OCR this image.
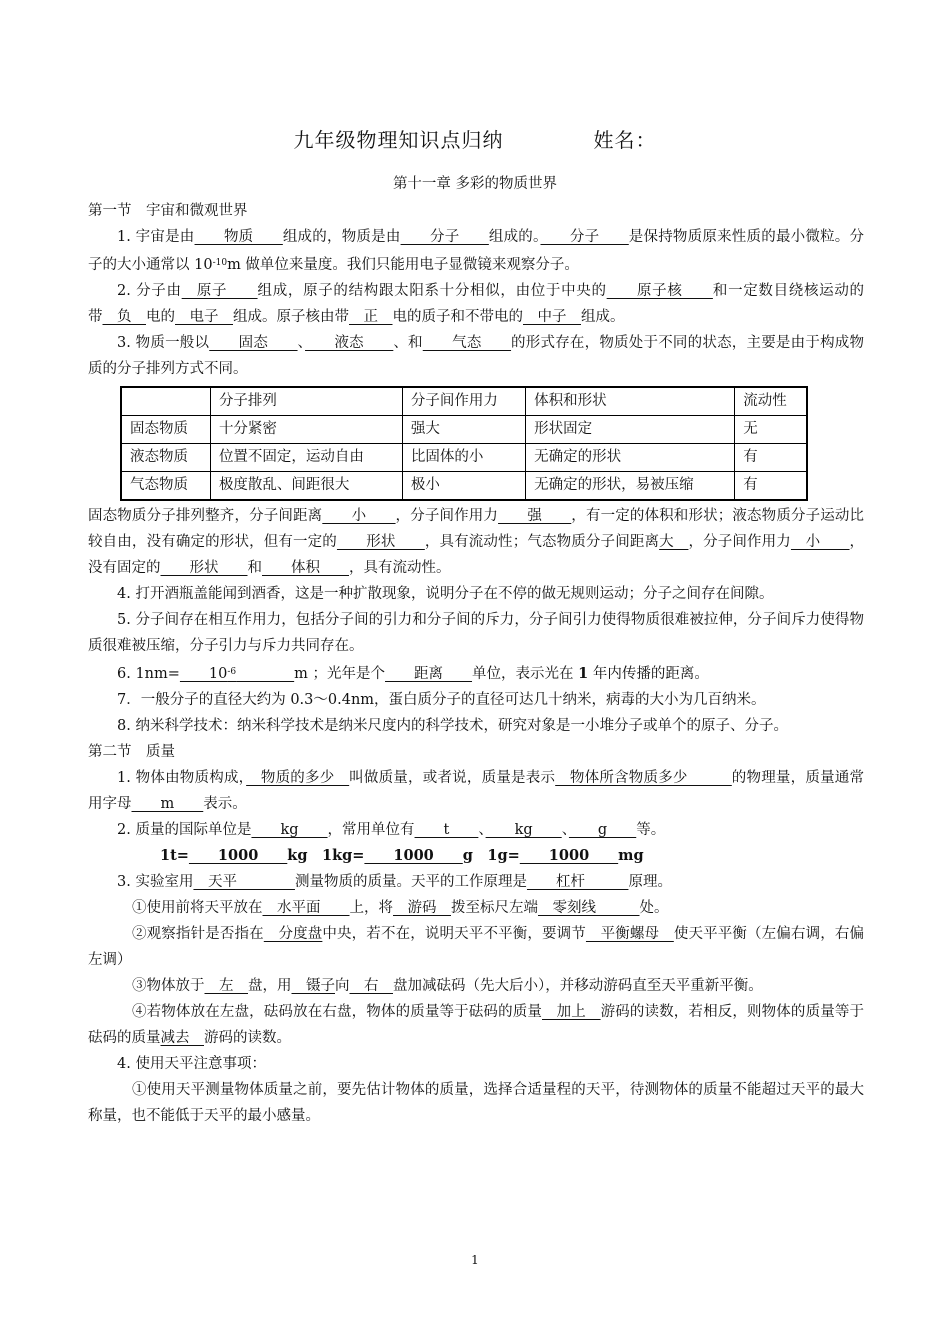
九年级物理知识点归纳	姓名：
第十一章 多彩的物质世界

第一节　宇宙和微观世界

1. 宇宙是由　　物质　　组成的，物质是由　　分子　　组成的。　　分子　　是保持物质原来性质的最小微粒。分子的大小通常以 $10^{-10}m$ 做单位来量度。我们只能用电子显微镜来观察分子。

2. 分子由　原子　　组成，原子的结构跟太阳系十分相似，由位于中央的　　原子核　　和一定数目绕核运动的带　负　电的　电子　组成。原子核由带　正　电的质子和不带电的　中子　组成。

3. 物质一般以　　固态　　、　　液态　　、和　　气态　　的形式存在，物质处于不同的状态，主要是由于构成物质的分子排列方式不同。

	分子排列	分子间作用力	体积和形状	流动性
固态物质	十分紧密	强大	形状固定	无
液态物质	位置不固定，运动自由	比固体的小	无确定的形状	有
气态物质	极度散乱、间距很大	极小	无确定的形状，易被压缩	有

固态物质分子排列整齐，分子间距离　　小　　，分子间作用力　　强　　，有一定的体积和形状；液态物质分子运动比较自由，没有确定的形状，但有一定的　　形状　　，具有流动性；气态物质分子间距离大　，分子间作用力　小　　，没有固定的　　形状　　和　　体积　　，具有流动性。

4. 打开酒瓶盖能闻到酒香，这是一种扩散现象，说明分子在不停的做无规则运动；分子之间存在间隙。

5. 分子间存在相互作用力，包括分子间的引力和分子间的斥力，分子间引力使得物质很难被拉伸，分子间斥力使得物质很难被压缩，分子引力与斥力共同存在。

6. 1nm=　　$10^{-6}$　　　　	m ；光年是个　　距离　　单位，表示光在 1 年内传播的距离。

7．一般分子的直径大约为 0.3～0.4nm，蛋白质分子的直径可达几十纳米，病毒的大小为几百纳米。

8. 纳米科学技术：纳米科学技术是纳米尺度内的科学技术，研究对象是一小堆分子或单个的原子、分子。

第二节　质量

1. 物体由物质构成，　物质的多少　叫做质量，或者说，质量是表示　物体所含物质多少　　　的物理量，质量通常用字母　　m　　表示。

2. 质量的国际单位是　　kg　　，常用单位有　　t　　、　　kg　　、　　g　　等。

1t=　　1000　　kg　1kg=　　1000　　g　1g=　　1000　　mg

3. 实验室用　天平　　　　测量物质的质量。天平的工作原理是　　杠杆　　　原理。

①使用前将天平放在　水平面　　上，将　游码　拨至标尺左端　零刻线　　　处。

②观察指针是否指在　分度盘中央，若不在，说明天平不平衡，要调节　平衡螺母　使天平平衡（左偏右调，右偏左调）

③物体放于　左　盘，用　镊子向　右　盘加减砝码（先大后小），并移动游码直至天平重新平衡。

④若物体放在左盘，砝码放在右盘，物体的质量等于砝码的质量　加上　游码的读数，若相反，则物体的质量等于砝码的质量减去　游码的读数。

4. 使用天平注意事项：

①使用天平测量物体质量之前，要先估计物体的质量，选择合适量程的天平，待测物体的质量不能超过天平的最大称量，也不能低于天平的最小感量。

1
